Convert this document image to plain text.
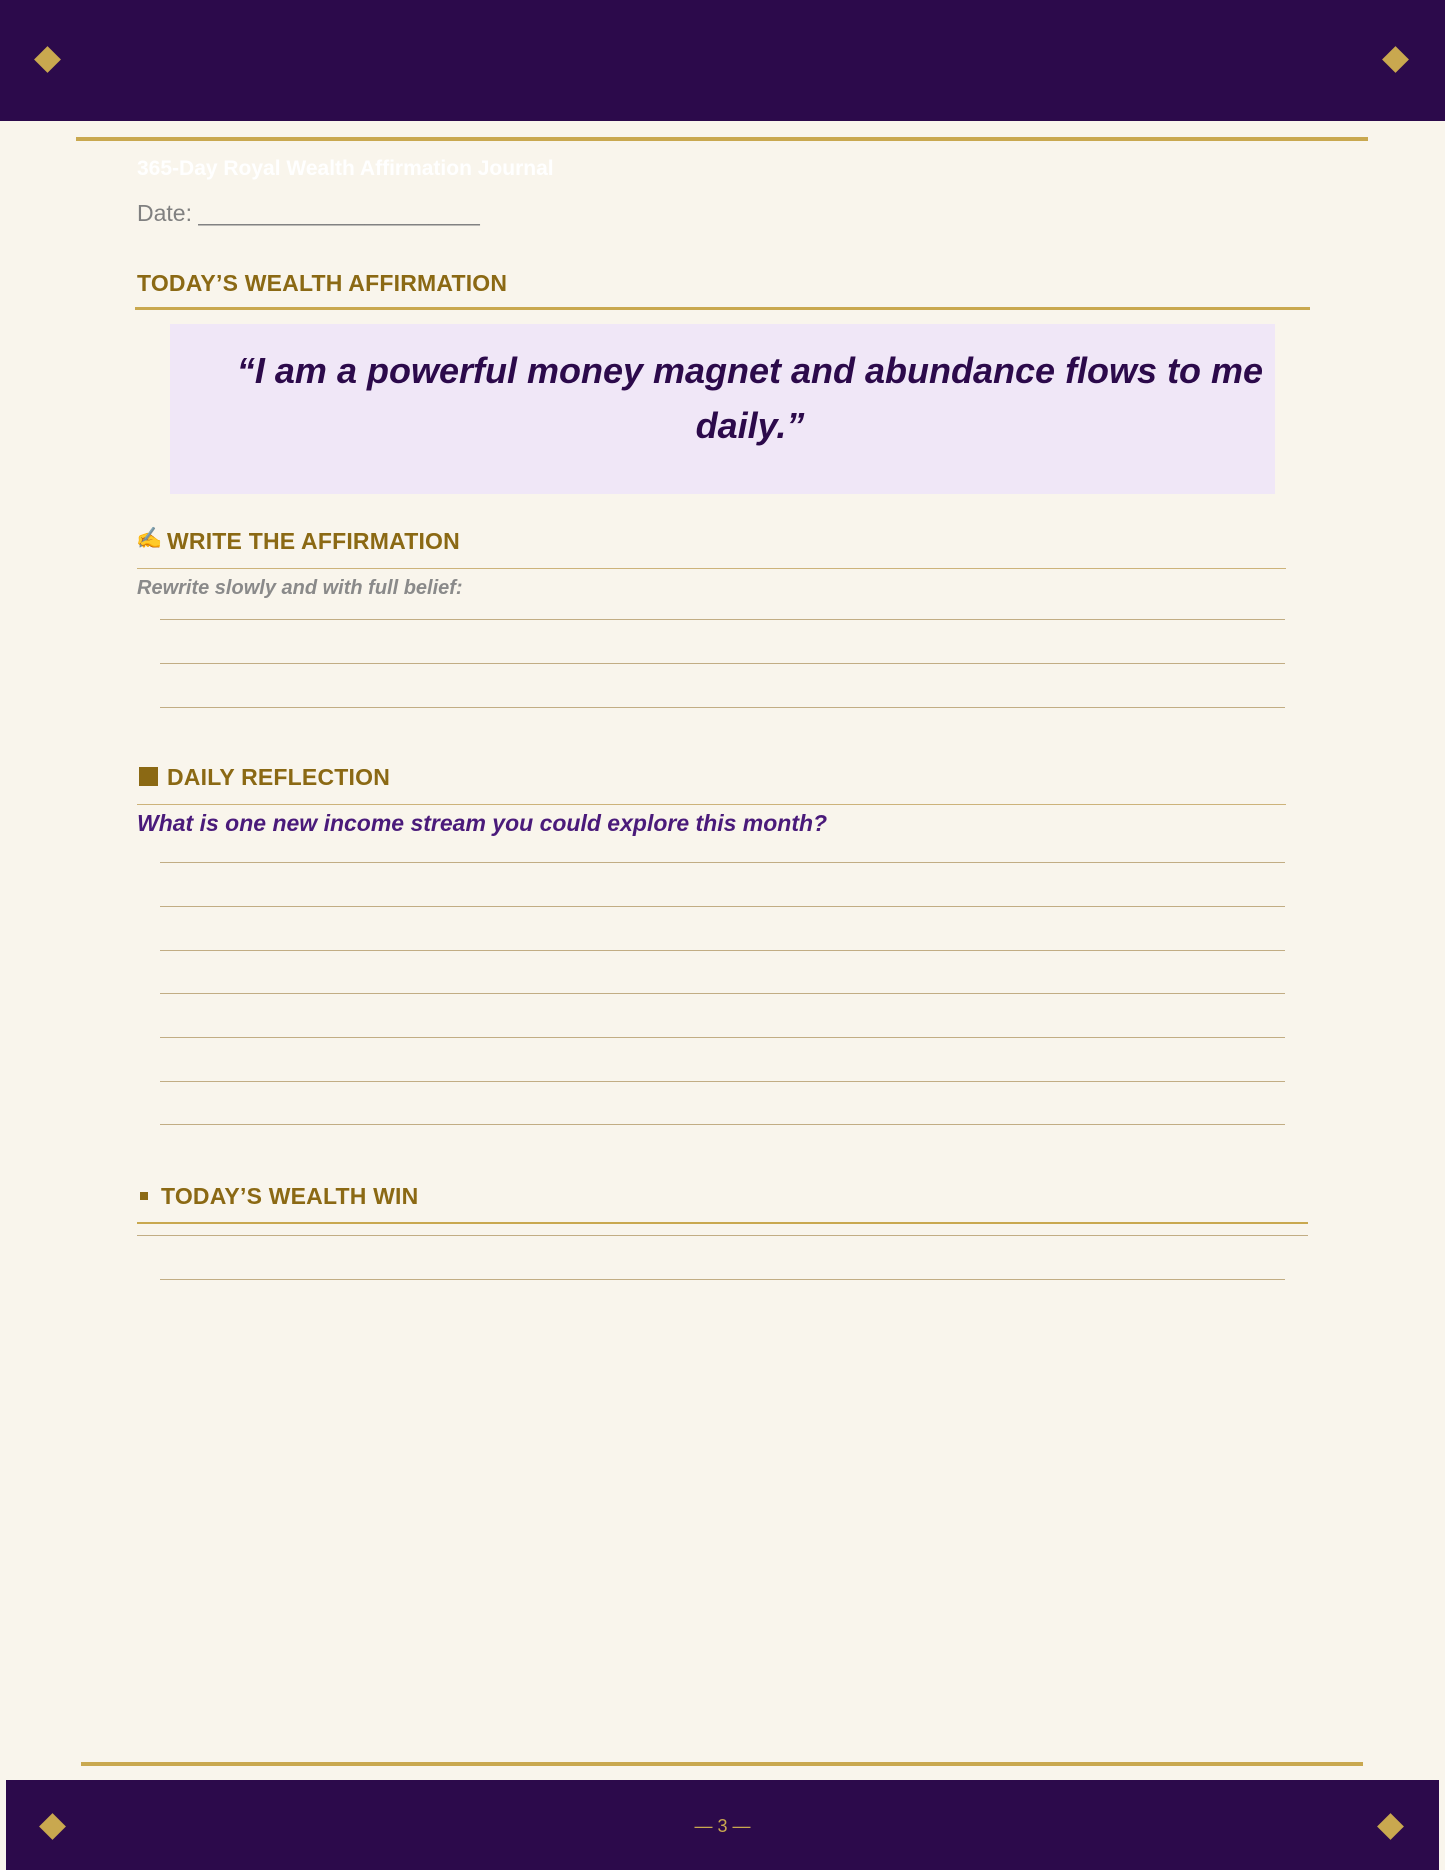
365-Day Royal Wealth Affirmation Journal
Date: ______________________
TODAY’S WEALTH AFFIRMATION
“I am a powerful money magnet and abundance flows to me daily.”
✍️ WRITE THE AFFIRMATION
Rewrite slowly and with full belief:
DAILY REFLECTION
What is one new income stream you could explore this month?
TODAY’S WEALTH WIN
— 3 —
